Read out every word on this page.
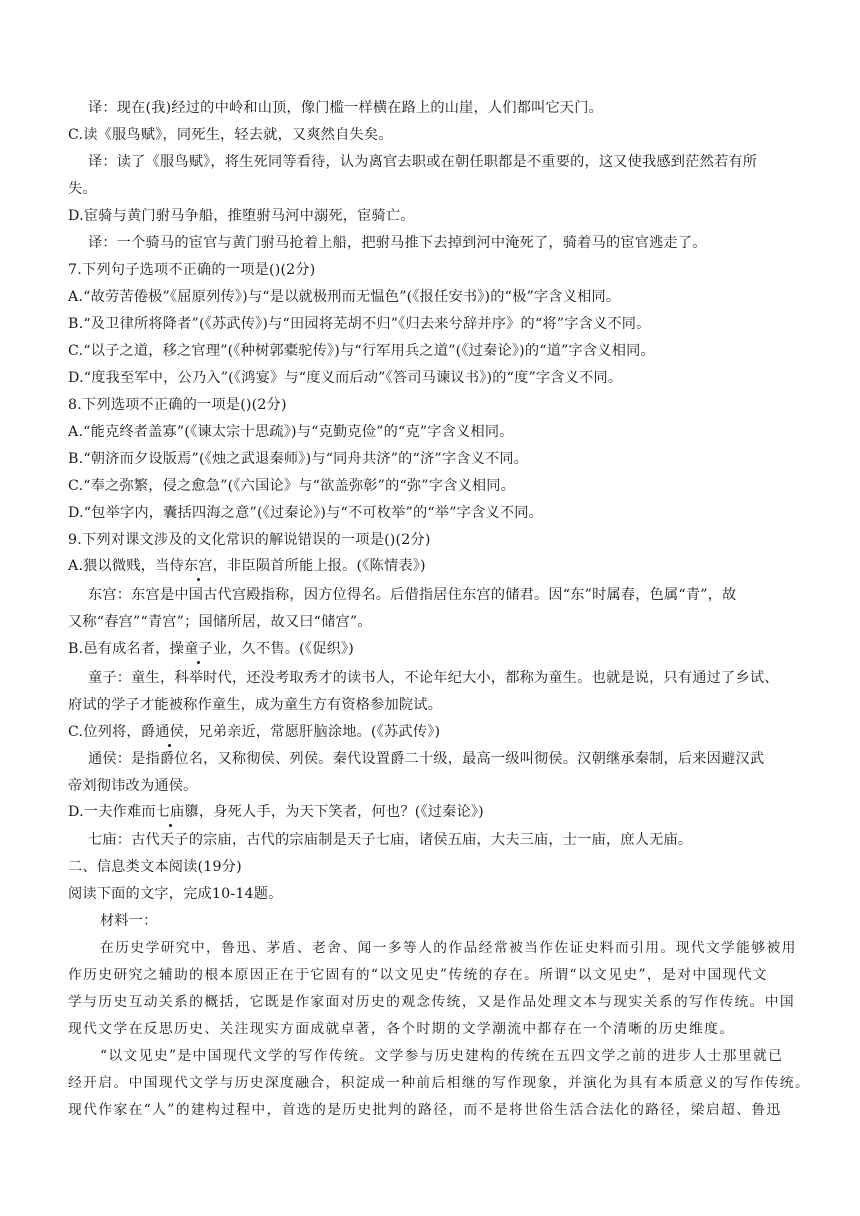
译：现在(我)经过的中岭和山顶，像门槛一样横在路上的山崖，人们都叫它天门。
C.读《服鸟赋》，同死生，轻去就，又爽然自失矣。
译：读了《服鸟赋》，将生死同等看待，认为离官去职或在朝任职都是不重要的，这又使我感到茫然若有所
失。
D.宦骑与黄门驸马争船，推堕驸马河中溺死，宦骑亡。
译：一个骑马的宦官与黄门驸马抢着上船，把驸马推下去掉到河中淹死了，骑着马的宦官逃走了。
7.下列句子选项不正确的一项是()(2分)
A.“故劳苦倦极”《屈原列传》)与“是以就极刑而无愠色”(《报任安书》)的“极”字含义相同。
B.“及卫律所将降者”(《苏武传》)与“田园将芜胡不归”《归去来兮辞并序》的“将”字含义不同。
C.“以子之道，移之官理”(《种树郭橐驼传》)与“行军用兵之道”(《过秦论》)的“道”字含义相同。
D.“度我至军中，公乃入”(《鸿宴》与“度义而后动”《答司马谏议书》)的“度”字含义不同。
8.下列选项不正确的一项是()(2分)
A.“能克终者盖寡”(《谏太宗十思疏》)与“克勤克俭”的“克”字含义相同。
B.“朝济而夕设版焉”(《烛之武退秦师》)与“同舟共济”的“济”字含义不同。
C.“奉之弥繁，侵之愈急”(《六国论》与“欲盖弥彰”的“弥”字含义相同。
D.“包举字内，囊括四海之意”(《过秦论》)与“不可枚举”的“举”字含义不同。
9.下列对课文涉及的文化常识的解说错误的一项是()(2分)
A.猥以微贱，当侍东宫，非臣陨首所能上报。(《陈情表》)
东宫：东宫是中国古代宫殿指称，因方位得名。后借指居住东宫的储君。因“东”时属春，色属“青”，故
又称“春宫”“青宫”；国储所居，故又曰“储宫”。
B.邑有成名者，操童子业，久不售。(《促织》)
童子：童生，科举时代，还没考取秀才的读书人，不论年纪大小，都称为童生。也就是说，只有通过了乡试、
府试的学子才能被称作童生，成为童生方有资格参加院试。
C.位列将，爵通侯，兄弟亲近，常愿肝脑涂地。(《苏武传》)
通侯：是指爵位名，又称彻侯、列侯。秦代设置爵二十级，最高一级叫彻侯。汉朝继承秦制，后来因避汉武
帝刘彻讳改为通侯。
D.一夫作难而七庙隳，身死人手，为天下笑者，何也？(《过秦论》)
七庙：古代天子的宗庙，古代的宗庙制是天子七庙，诸侯五庙，大夫三庙，士一庙，庶人无庙。
二、信息类文本阅读(19分)
阅读下面的文字，完成10-14题。
材料一：
在历史学研究中，鲁迅、茅盾、老舍、闻一多等人的作品经常被当作佐证史料而引用。现代文学能够被用
作历史研究之辅助的根本原因正在于它固有的“以文见史”传统的存在。所谓“以文见史”，是对中国现代文
学与历史互动关系的概括，它既是作家面对历史的观念传统，又是作品处理文本与现实关系的写作传统。中国
现代文学在反思历史、关注现实方面成就卓著，各个时期的文学潮流中都存在一个清晰的历史维度。
“以文见史”是中国现代文学的写作传统。文学参与历史建构的传统在五四文学之前的进步人士那里就已
经开启。中国现代文学与历史深度融合，积淀成一种前后相继的写作现象，并演化为具有本质意义的写作传统。
现代作家在“人”的建构过程中，首选的是历史批判的路径，而不是将世俗生活合法化的路径，梁启超、鲁迅
